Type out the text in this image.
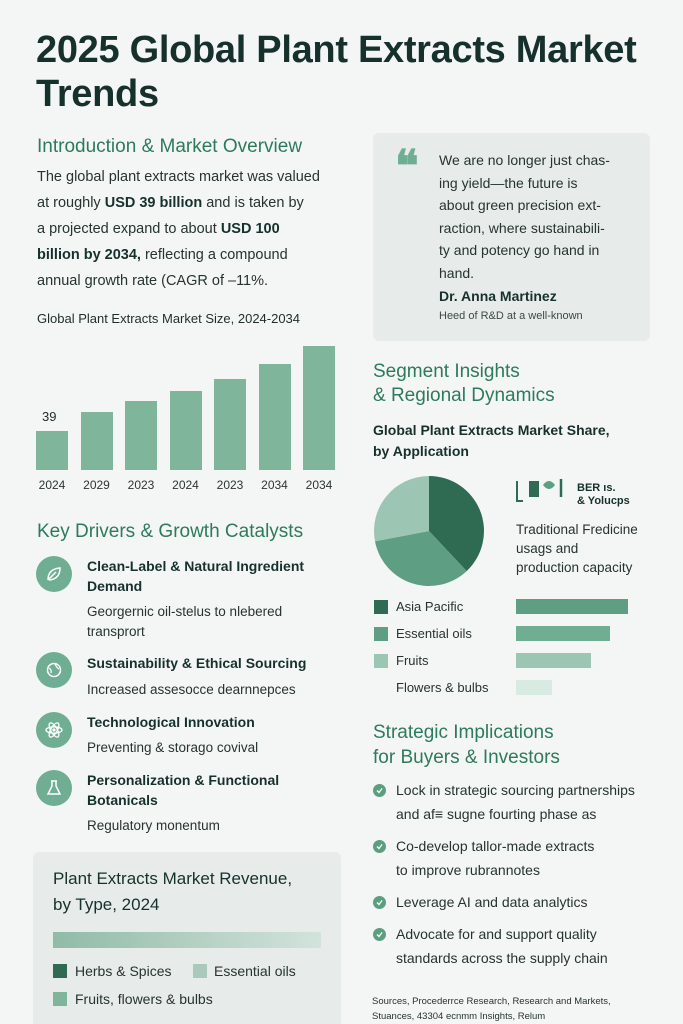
2025 Global Plant Extracts Market Trends
Introduction & Market Overview
The global plant extracts market was valued
at roughly USD 39 billion and is taken by
a projected expand to about USD 100
billion by 2034, reflecting a compound
annual growth rate (CAGR of –11%.
Global Plant Extracts Market Size, 2024-2034
2024
39
2029	2023	2024	2023	2034	2034
❝ We are no longer just chas-
ing yield—the future is
about green precision ext-
raction, where sustainabili-
ty and potency go hand in
hand.
Dr. Anna Martinez
Heed of R&D at a well-known
Segment Insights
& Regional Dynamics
Global Plant Extracts Market Share,
by Application
BER ıs.
& Yolucps
Traditional Fredicine
usags and
production capacity
Asia Pacific
Essential oils
Fruits
Flowers & bulbs
Key Drivers & Growth Catalysts
Clean-Label & Natural Ingredient
Demand
Georgernic oil-stelus to nlebered
transprort
Sustainability & Ethical Sourcing
Increased assesocce dearnnepces
Technological Innovation
Preventing & storago covival
Personalization & Functional
Botanicals
Regulatory monentum
Plant Extracts Market Revenue,
by Type, 2024
Herbs & Spices	Essential oils
Fruits, flowers & bulbs
Strategic Implications
for Buyers & Investors
Lock in strategic sourcing partnerships
and af≡ sugne fourting phase as
Co-develop tallor-made extracts
to improve rubrannotes
Leverage AI and data analytics
Advocate for and support quality
standards across the supply chain
Sources, Procederrce Research, Research and Markets,
Stuances, 43304 ecnmm Insights, Relum
